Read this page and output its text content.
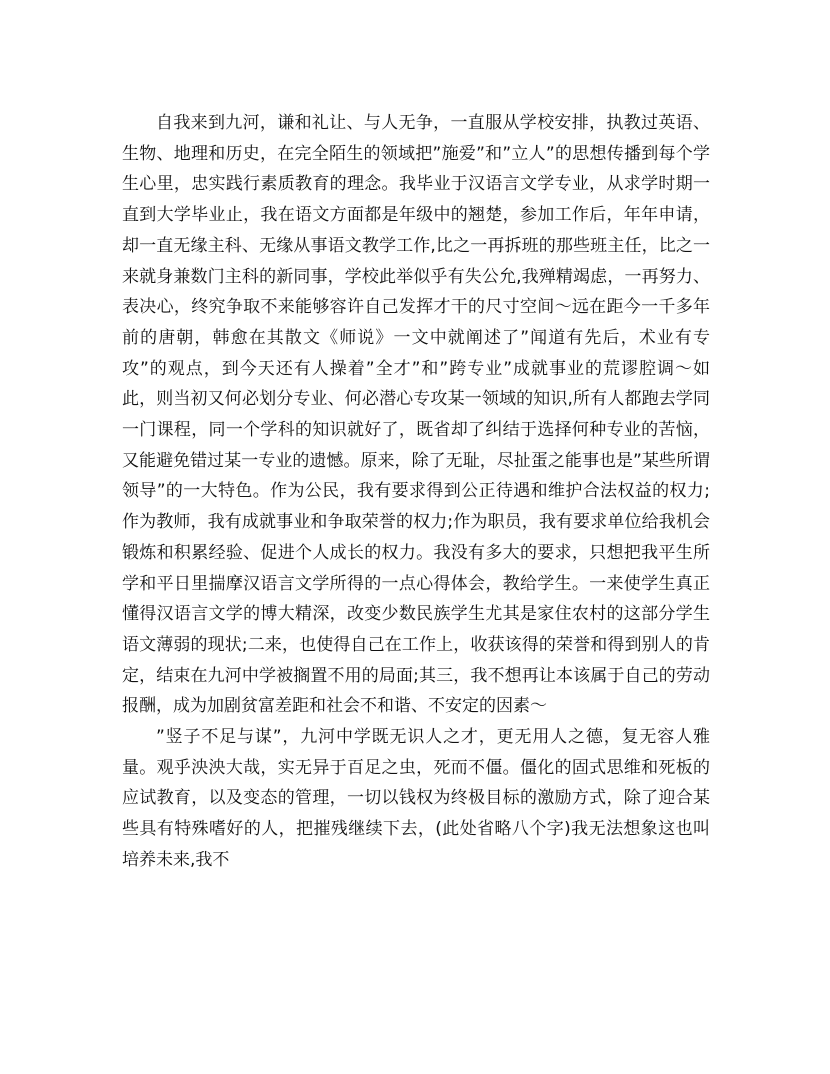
自我来到九河，谦和礼让、与人无争，一直服从学校安排，执教过英语、生物、地理和历史，在完全陌生的领域把”施爱”和”立人”的思想传播到每个学生心里，忠实践行素质教育的理念。我毕业于汉语言文学专业，从求学时期一直到大学毕业止，我在语文方面都是年级中的翘楚，参加工作后，年年申请，却一直无缘主科、无缘从事语文教学工作,比之一再拆班的那些班主任，比之一来就身兼数门主科的新同事，学校此举似乎有失公允,我殚精竭虑，一再努力、表决心，终究争取不来能够容许自己发挥才干的尺寸空间～远在距今一千多年前的唐朝，韩愈在其散文《师说》一文中就阐述了”闻道有先后，术业有专攻”的观点，到今天还有人操着”全才”和”跨专业”成就事业的荒谬腔调～如此，则当初又何必划分专业、何必潜心专攻某一领域的知识,所有人都跑去学同一门课程，同一个学科的知识就好了，既省却了纠结于选择何种专业的苦恼，又能避免错过某一专业的遗憾。原来，除了无耻，尽扯蛋之能事也是”某些所谓领导”的一大特色。作为公民，我有要求得到公正待遇和维护合法权益的权力;作为教师，我有成就事业和争取荣誉的权力;作为职员，我有要求单位给我机会锻炼和积累经验、促进个人成长的权力。我没有多大的要求，只想把我平生所学和平日里揣摩汉语言文学所得的一点心得体会，教给学生。一来使学生真正懂得汉语言文学的博大精深，改变少数民族学生尤其是家住农村的这部分学生语文薄弱的现状;二来，也使得自己在工作上，收获该得的荣誉和得到别人的肯定，结束在九河中学被搁置不用的局面;其三，我不想再让本该属于自己的劳动报酬，成为加剧贫富差距和社会不和谐、不安定的因素～

”竖子不足与谋”，九河中学既无识人之才，更无用人之德，复无容人雅量。观乎泱泱大哉，实无异于百足之虫，死而不僵。僵化的固式思维和死板的应试教育，以及变态的管理，一切以钱权为终极目标的激励方式，除了迎合某些具有特殊嗜好的人，把摧残继续下去，(此处省略八个字)我无法想象这也叫培养未来,我不
